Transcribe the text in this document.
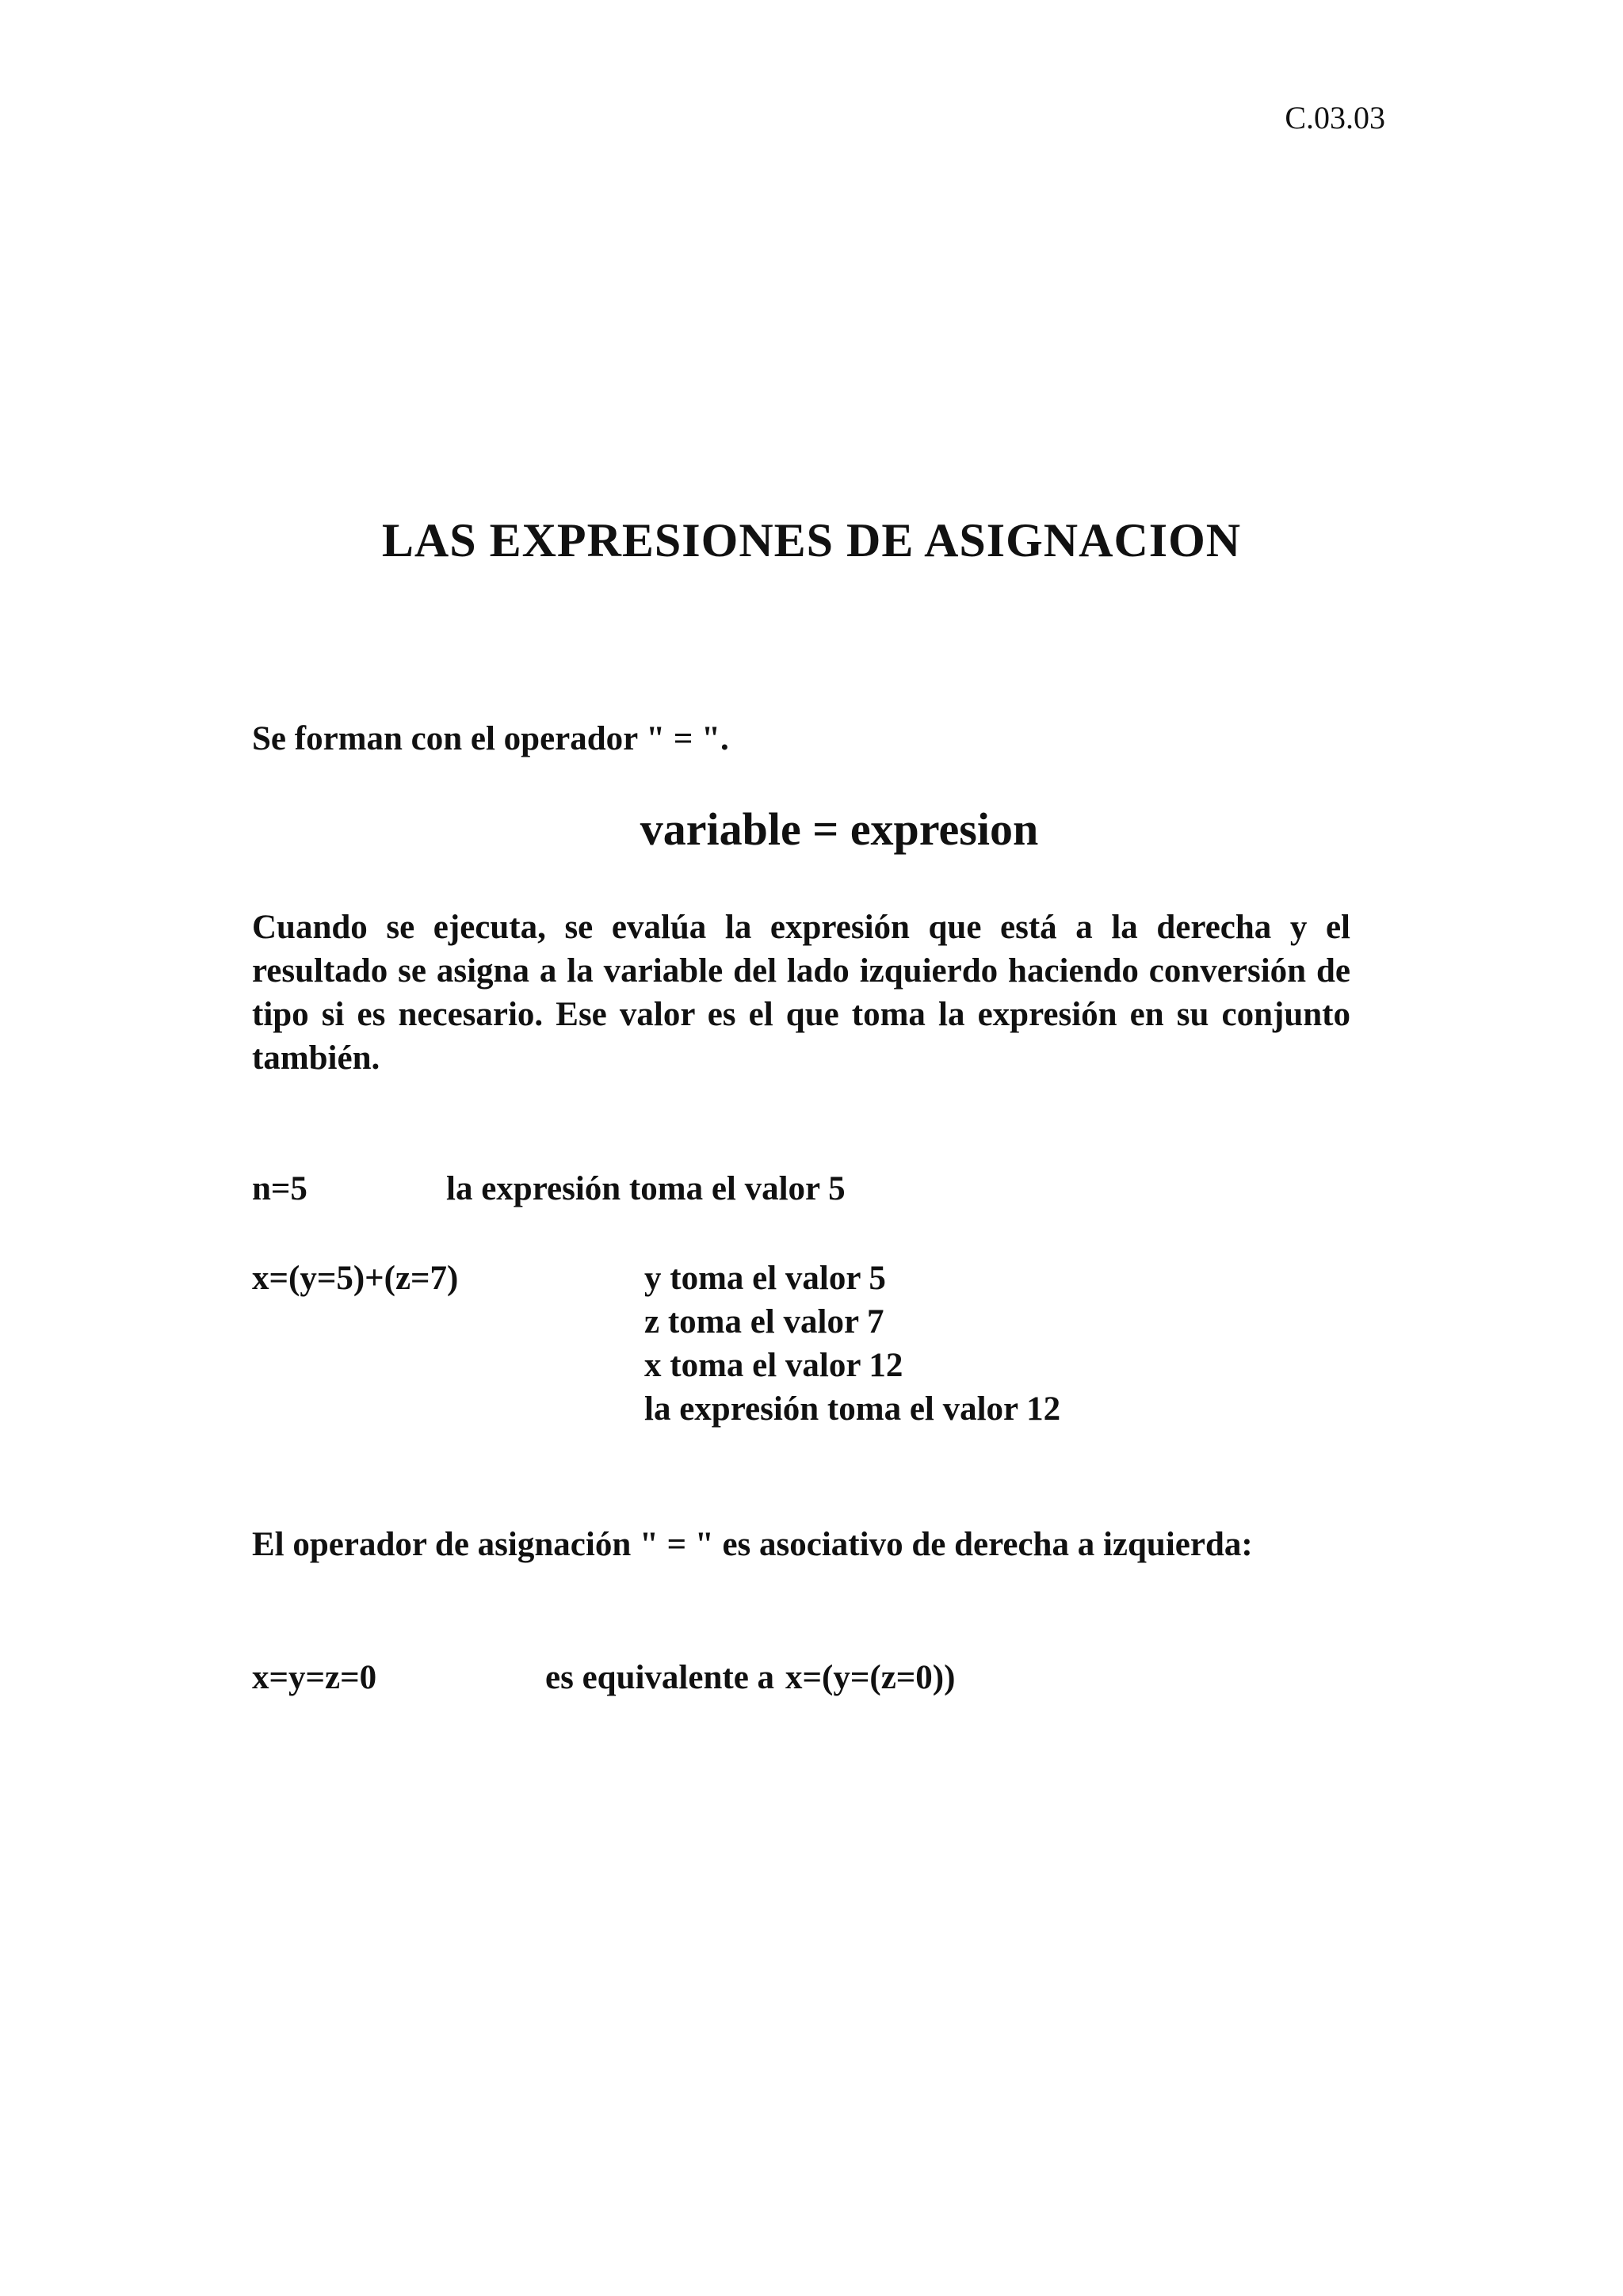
C.03.03
LAS EXPRESIONES DE ASIGNACION
Se forman con el operador " = ".
variable = expresion
Cuando se ejecuta, se evalúa la expresión que está a la derecha y el resultado se asigna a la variable del lado izquierdo haciendo conversión de tipo si es necesario. Ese valor es el que toma la expresión en su conjunto también.
n=5	la expresión toma el valor 5
x=(y=5)+(z=7)	y toma el valor 5
z toma el valor 7
x toma el valor 12
la expresión toma el valor 12
El operador de asignación " = " es asociativo de derecha a izquierda:
x=y=z=0	es equivalente a x=(y=(z=0))
